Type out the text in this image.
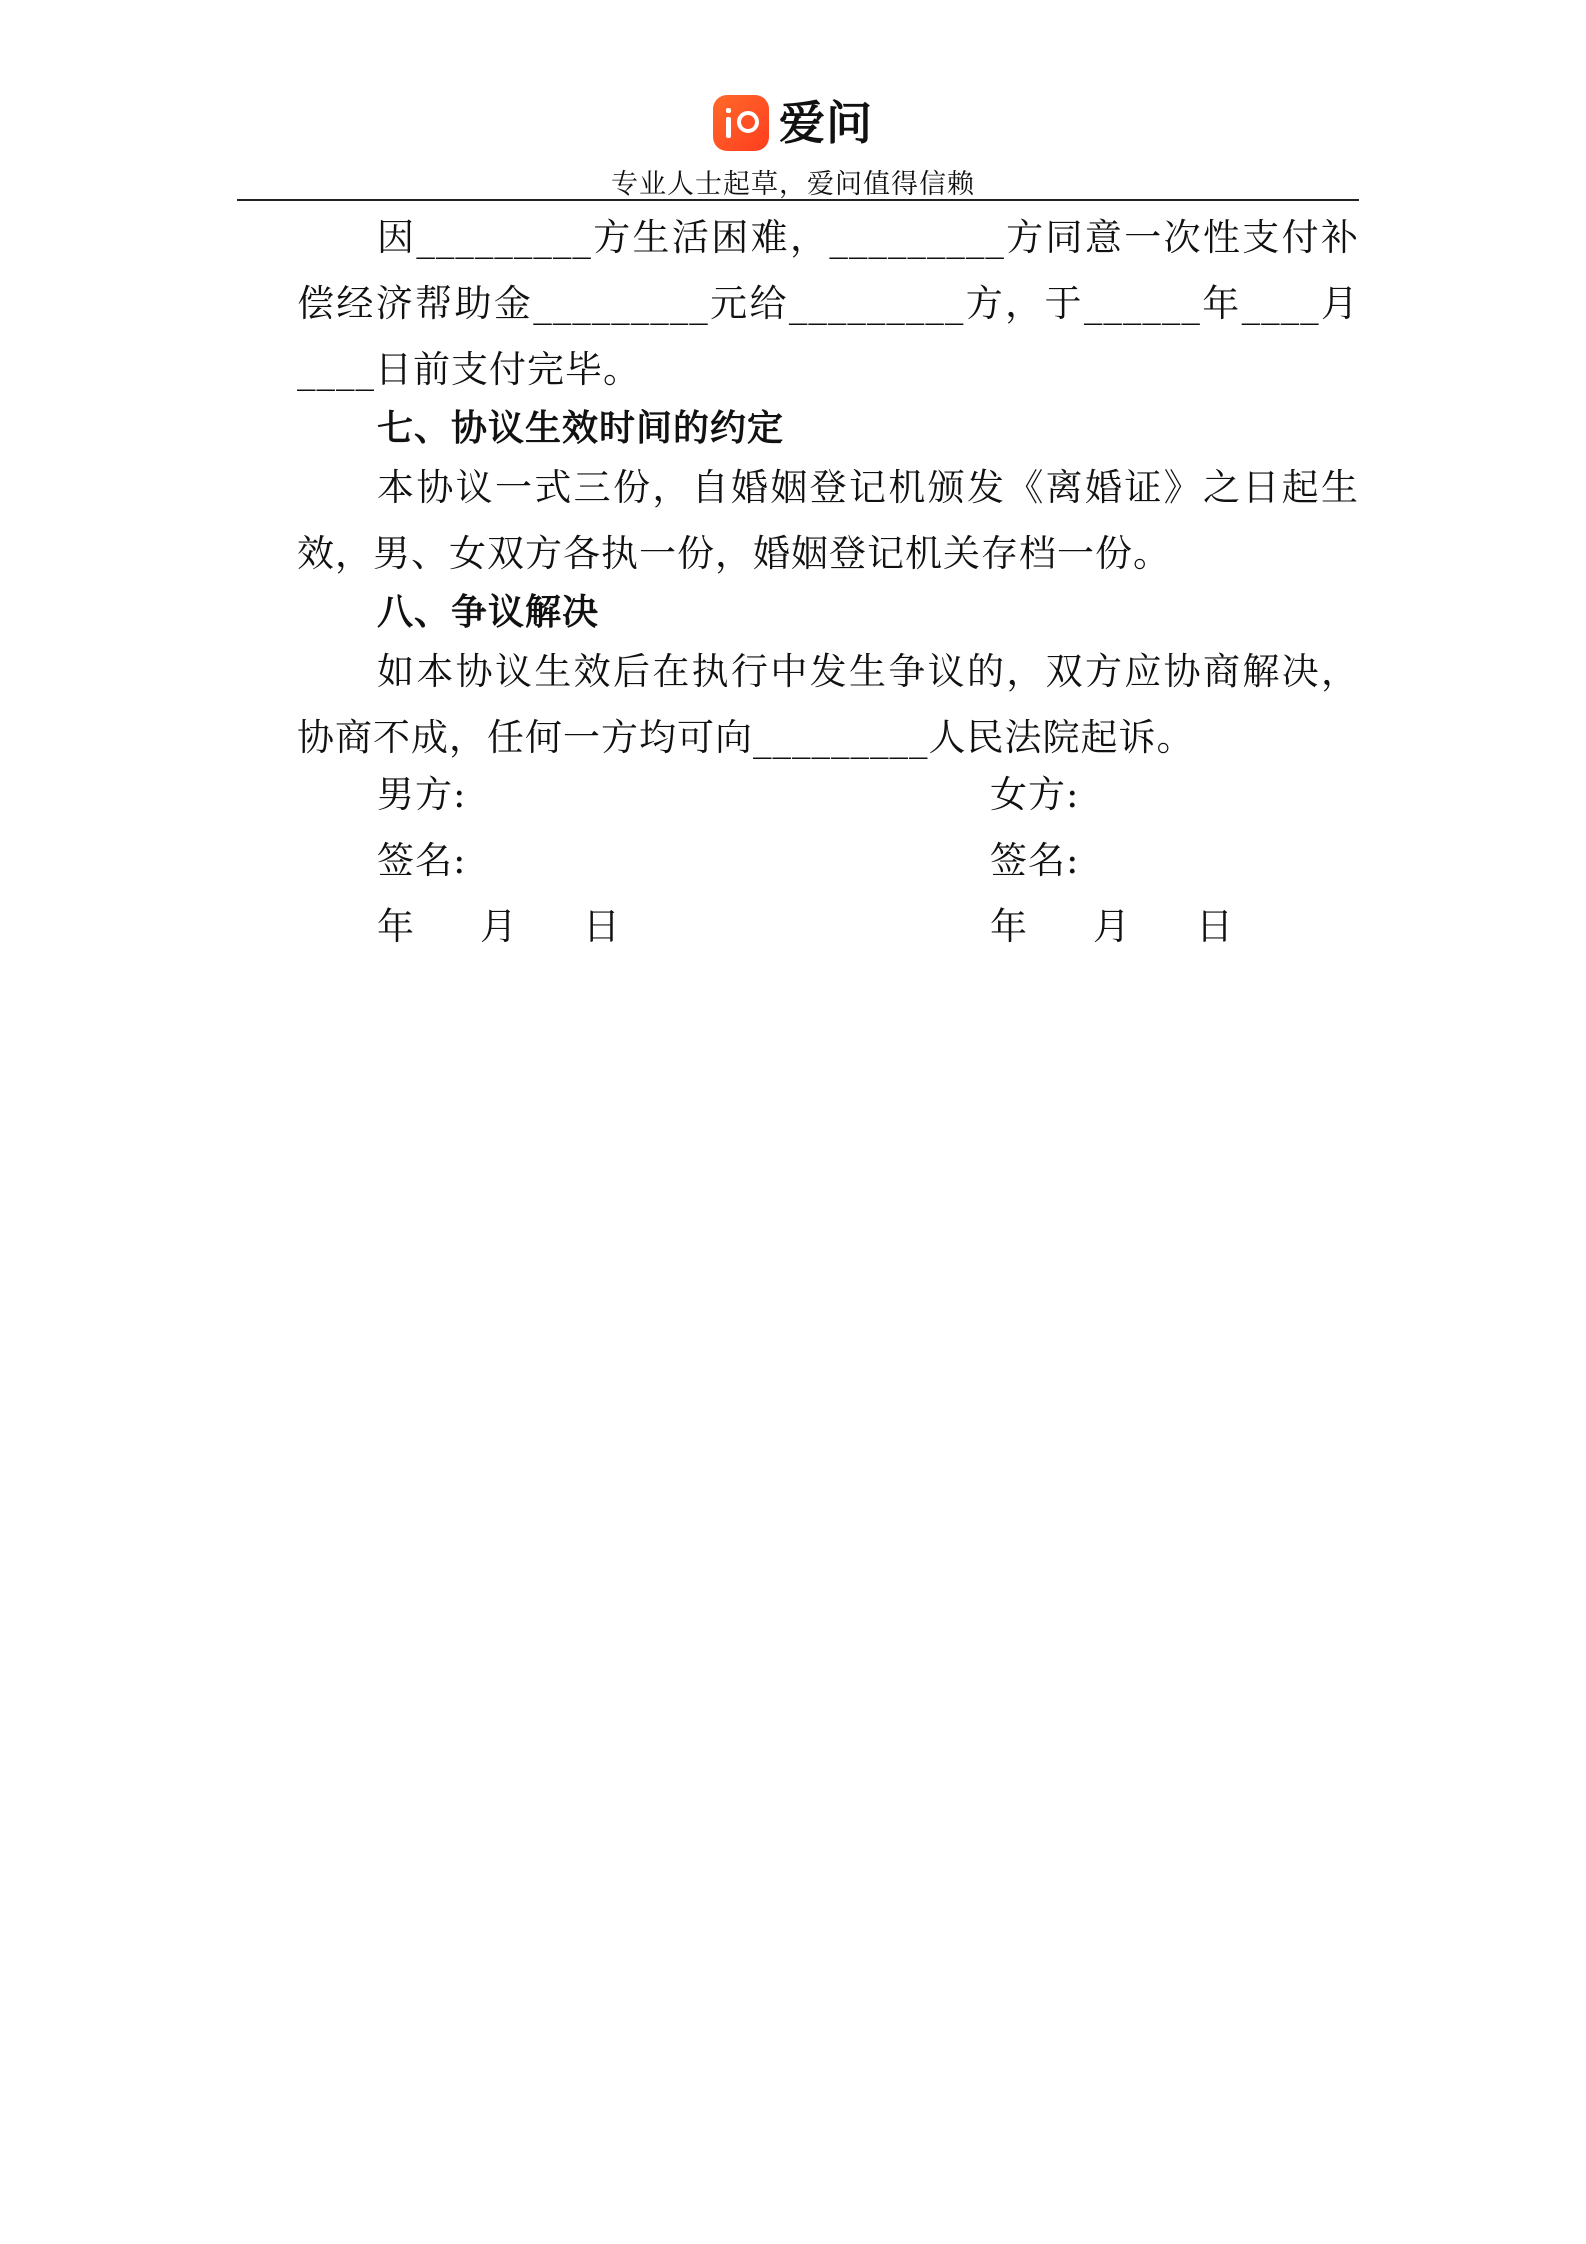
爱问
专业人士起草，爱问值得信赖

因_________方生活困难，_________方同意一次性支付补偿经济帮助金_________元给_________方，于______年____月____日前支付完毕。

七、协议生效时间的约定

本协议一式三份，自婚姻登记机颁发《离婚证》之日起生效，男、女双方各执一份，婚姻登记机关存档一份。

八、争议解决

如本协议生效后在执行中发生争议的，双方应协商解决，协商不成，任何一方均可向_________人民法院起诉。

男方:	女方:
签名:	签名:
年 月 日	年 月 日
